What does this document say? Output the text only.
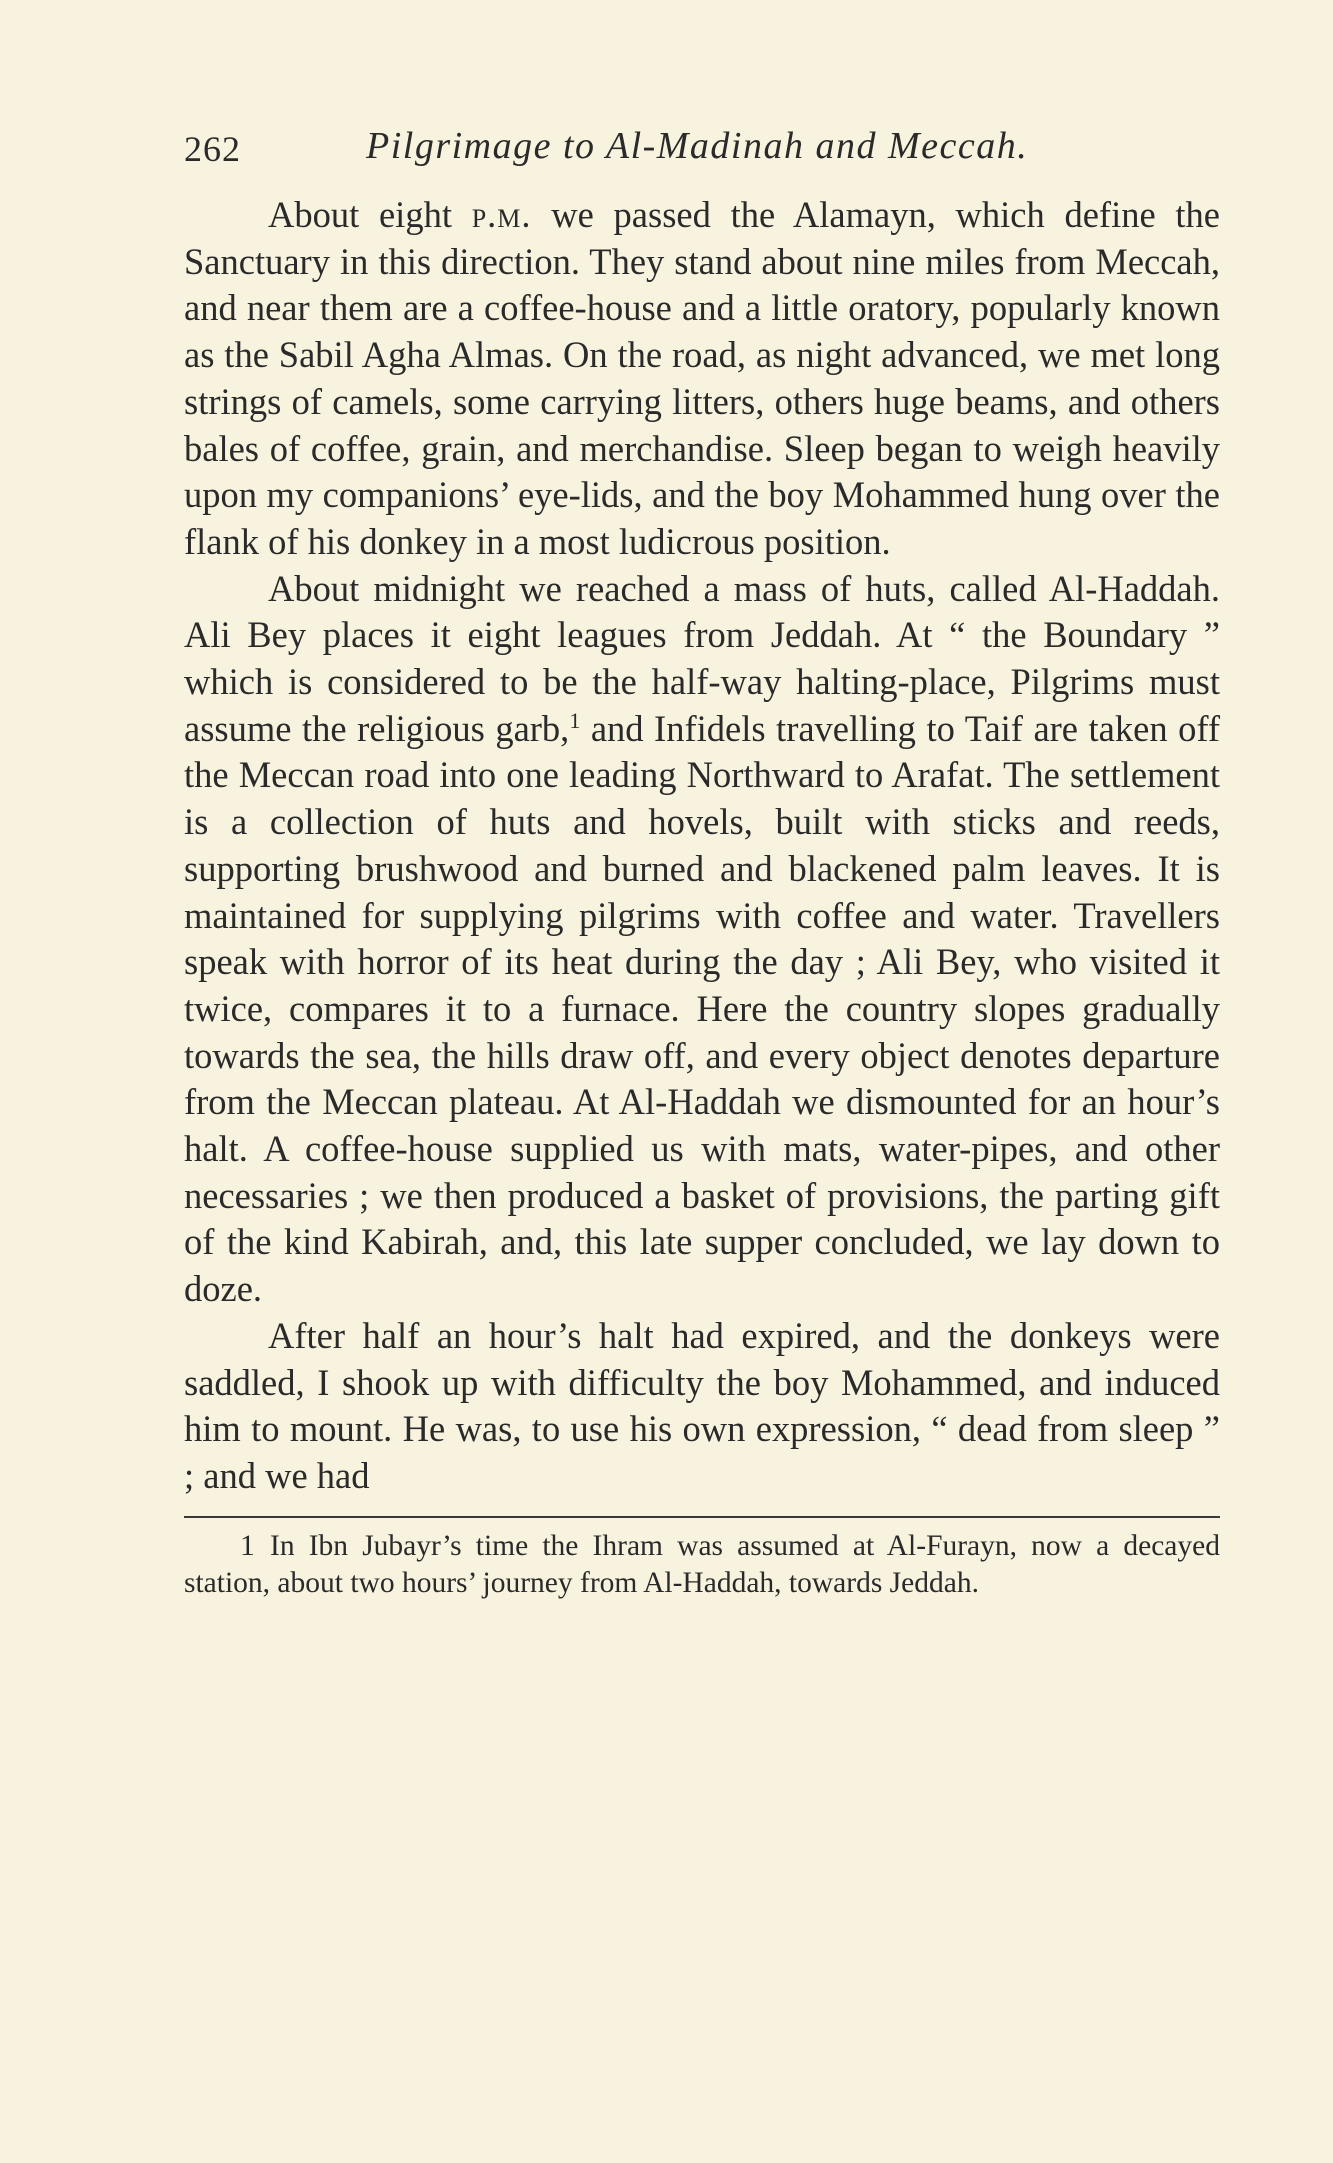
262	Pilgrimage to Al-Madinah and Meccah.

About eight p.m. we passed the Alamayn, which define the Sanctuary in this direction. They stand about nine miles from Meccah, and near them are a coffee-house and a little oratory, popularly known as the Sabil Agha Almas. On the road, as night advanced, we met long strings of camels, some carrying litters, others huge beams, and others bales of coffee, grain, and merchandise. Sleep began to weigh heavily upon my companions’ eye-lids, and the boy Mohammed hung over the flank of his donkey in a most ludicrous position.

About midnight we reached a mass of huts, called Al-Haddah. Ali Bey places it eight leagues from Jeddah. At “ the Boundary ” which is considered to be the half-way halting-place, Pilgrims must assume the religious garb,$^1$ and Infidels travelling to Taif are taken off the Meccan road into one leading Northward to Arafat. The settlement is a collection of huts and hovels, built with sticks and reeds, supporting brushwood and burned and blackened palm leaves. It is maintained for supplying pilgrims with coffee and water. Travellers speak with horror of its heat during the day ; Ali Bey, who visited it twice, compares it to a furnace. Here the country slopes gradually towards the sea, the hills draw off, and every object denotes departure from the Meccan plateau. At Al-Haddah we dismounted for an hour’s halt. A coffee-house supplied us with mats, water-pipes, and other necessaries ; we then produced a basket of provisions, the parting gift of the kind Kabirah, and, this late supper concluded, we lay down to doze.

After half an hour’s halt had expired, and the donkeys were saddled, I shook up with difficulty the boy Mohammed, and induced him to mount. He was, to use his own expression, “ dead from sleep ” ; and we had

1 In Ibn Jubayr’s time the Ihram was assumed at Al-Furayn, now a decayed station, about two hours’ journey from Al-Haddah, towards Jeddah.
